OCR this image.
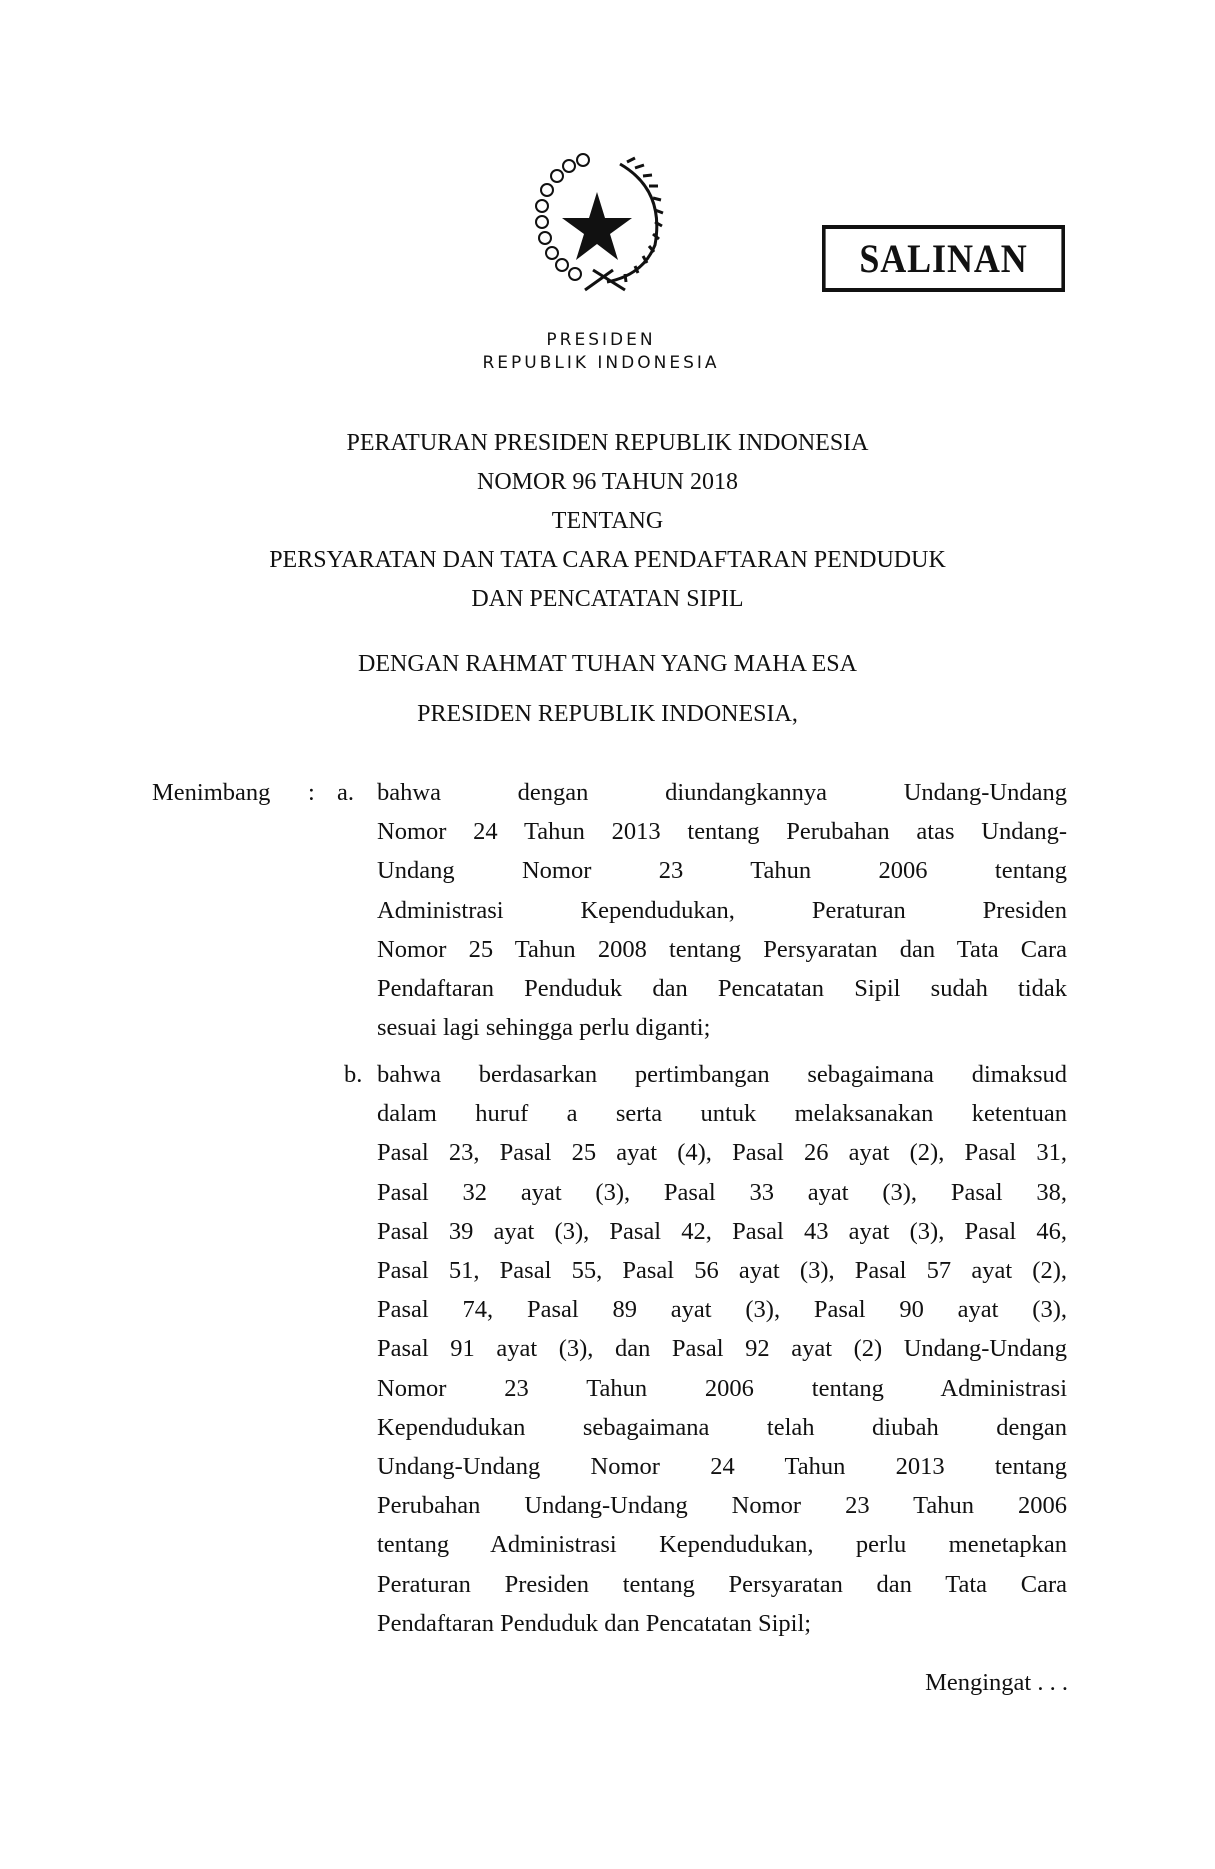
SALINAN
PRESIDEN
REPUBLIK INDONESIA
PERATURAN PRESIDEN REPUBLIK INDONESIA
NOMOR 96 TAHUN 2018
TENTANG
PERSYARATAN DAN TATA CARA PENDAFTARAN PENDUDUK
DAN PENCATATAN SIPIL
DENGAN RAHMAT TUHAN YANG MAHA ESA
PRESIDEN REPUBLIK INDONESIA,
Menimbang : a.
b.
bahwa dengan diundangkannya Undang-Undang
Nomor 24 Tahun 2013 tentang Perubahan atas Undang-
Undang Nomor 23 Tahun 2006 tentang
Administrasi Kependudukan, Peraturan Presiden
Nomor 25 Tahun 2008 tentang Persyaratan dan Tata Cara
Pendaftaran Penduduk dan Pencatatan Sipil sudah tidak
sesuai lagi sehingga perlu diganti;
bahwa berdasarkan pertimbangan sebagaimana dimaksud
dalam huruf a serta untuk melaksanakan ketentuan
Pasal 23, Pasal 25 ayat (4), Pasal 26 ayat (2), Pasal 31,
Pasal 32 ayat (3), Pasal 33 ayat (3), Pasal 38,
Pasal 39 ayat (3), Pasal 42, Pasal 43 ayat (3), Pasal 46,
Pasal 51, Pasal 55, Pasal 56 ayat (3), Pasal 57 ayat (2),
Pasal 74, Pasal 89 ayat (3), Pasal 90 ayat (3),
Pasal 91 ayat (3), dan Pasal 92 ayat (2) Undang-Undang
Nomor 23 Tahun 2006 tentang Administrasi
Kependudukan sebagaimana telah diubah dengan
Undang-Undang Nomor 24 Tahun 2013 tentang
Perubahan Undang-Undang Nomor 23 Tahun 2006
tentang Administrasi Kependudukan, perlu menetapkan
Peraturan Presiden tentang Persyaratan dan Tata Cara
Pendaftaran Penduduk dan Pencatatan Sipil;
Mengingat . . .
